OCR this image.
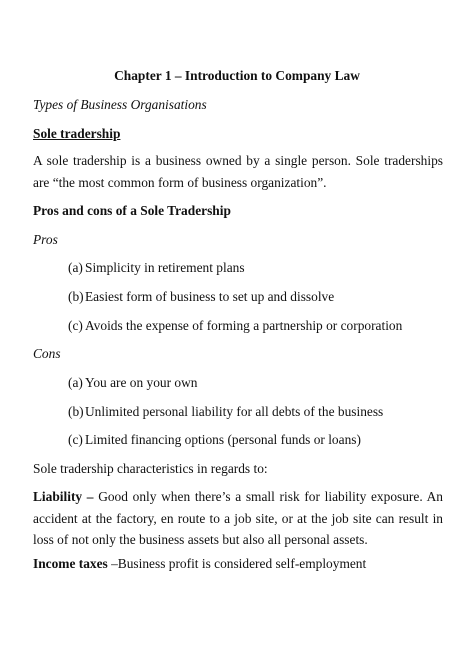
Chapter 1 – Introduction to Company Law

Types of Business Organisations

Sole tradership

A sole tradership is a business owned by a single person. Sole traderships are “the most common form of business organization”.

Pros and cons of a Sole Tradership

Pros

(a) Simplicity in retirement plans
(b)Easiest form of business to set up and dissolve
(c) Avoids the expense of forming a partnership or corporation

Cons

(a) You are on your own
(b)Unlimited personal liability for all debts of the business
(c) Limited financing options (personal funds or loans)

Sole tradership characteristics in regards to:

Liability – Good only when there’s a small risk for liability exposure. An accident at the factory, en route to a job site, or at the job site can result in loss of not only the business assets but also all personal assets.

Income taxes –Business profit is considered self-employment
